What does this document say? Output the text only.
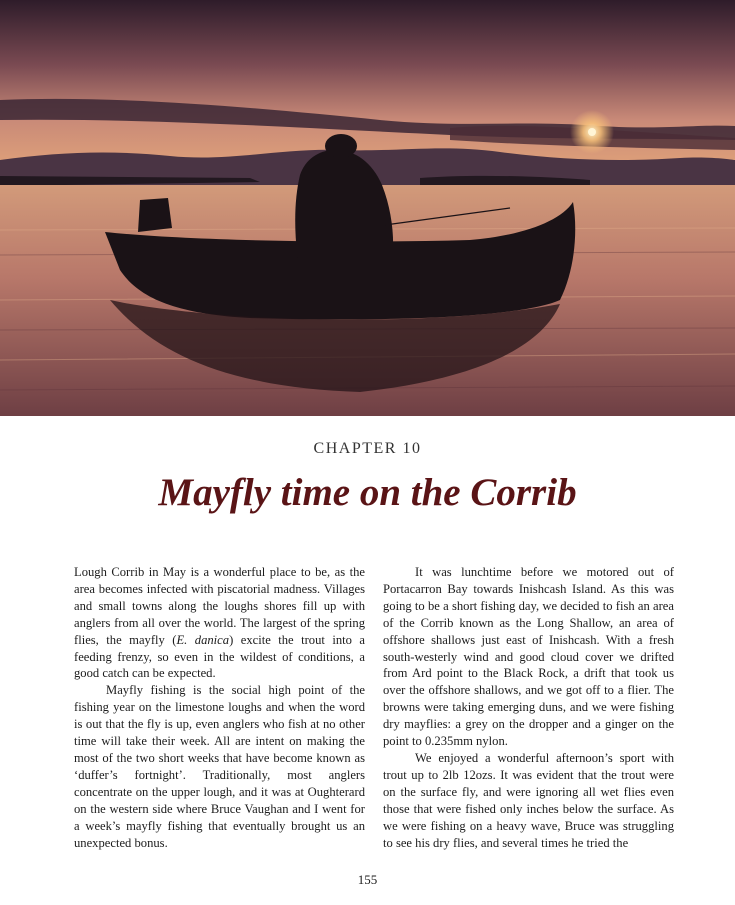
CHAPTER 10
Mayfly time on the Corrib

Lough Corrib in May is a wonderful place to be, as the area becomes infected with piscatorial madness. Villages and small towns along the loughs shores fill up with anglers from all over the world. The largest of the spring flies, the mayfly (E. danica) excite the trout into a feeding frenzy, so even in the wildest of conditions, a good catch can be expected.

Mayfly fishing is the social high point of the fishing year on the limestone loughs and when the word is out that the fly is up, even anglers who fish at no other time will take their week. All are intent on making the most of the two short weeks that have become known as ‘duffer’s fortnight’. Traditionally, most anglers concentrate on the upper lough, and it was at Oughterard on the western side where Bruce Vaughan and I went for a week’s mayfly fishing that eventually brought us an unexpected bonus.

It was lunchtime before we motored out of Portacarron Bay towards Inishcash Island. As this was going to be a short fishing day, we decided to fish an area of the Corrib known as the Long Shallow, an area of offshore shallows just east of Inishcash. With a fresh south-westerly wind and good cloud cover we drifted from Ard point to the Black Rock, a drift that took us over the offshore shallows, and we got off to a flier. The browns were taking emerging duns, and we were fishing dry mayflies: a grey on the dropper and a ginger on the point to 0.235mm nylon.

We enjoyed a wonderful afternoon’s sport with trout up to 2lb 12ozs. It was evident that the trout were on the surface fly, and were ignoring all wet flies even those that were fished only inches below the surface. As we were fishing on a heavy wave, Bruce was struggling to see his dry flies, and several times he tried the

155
